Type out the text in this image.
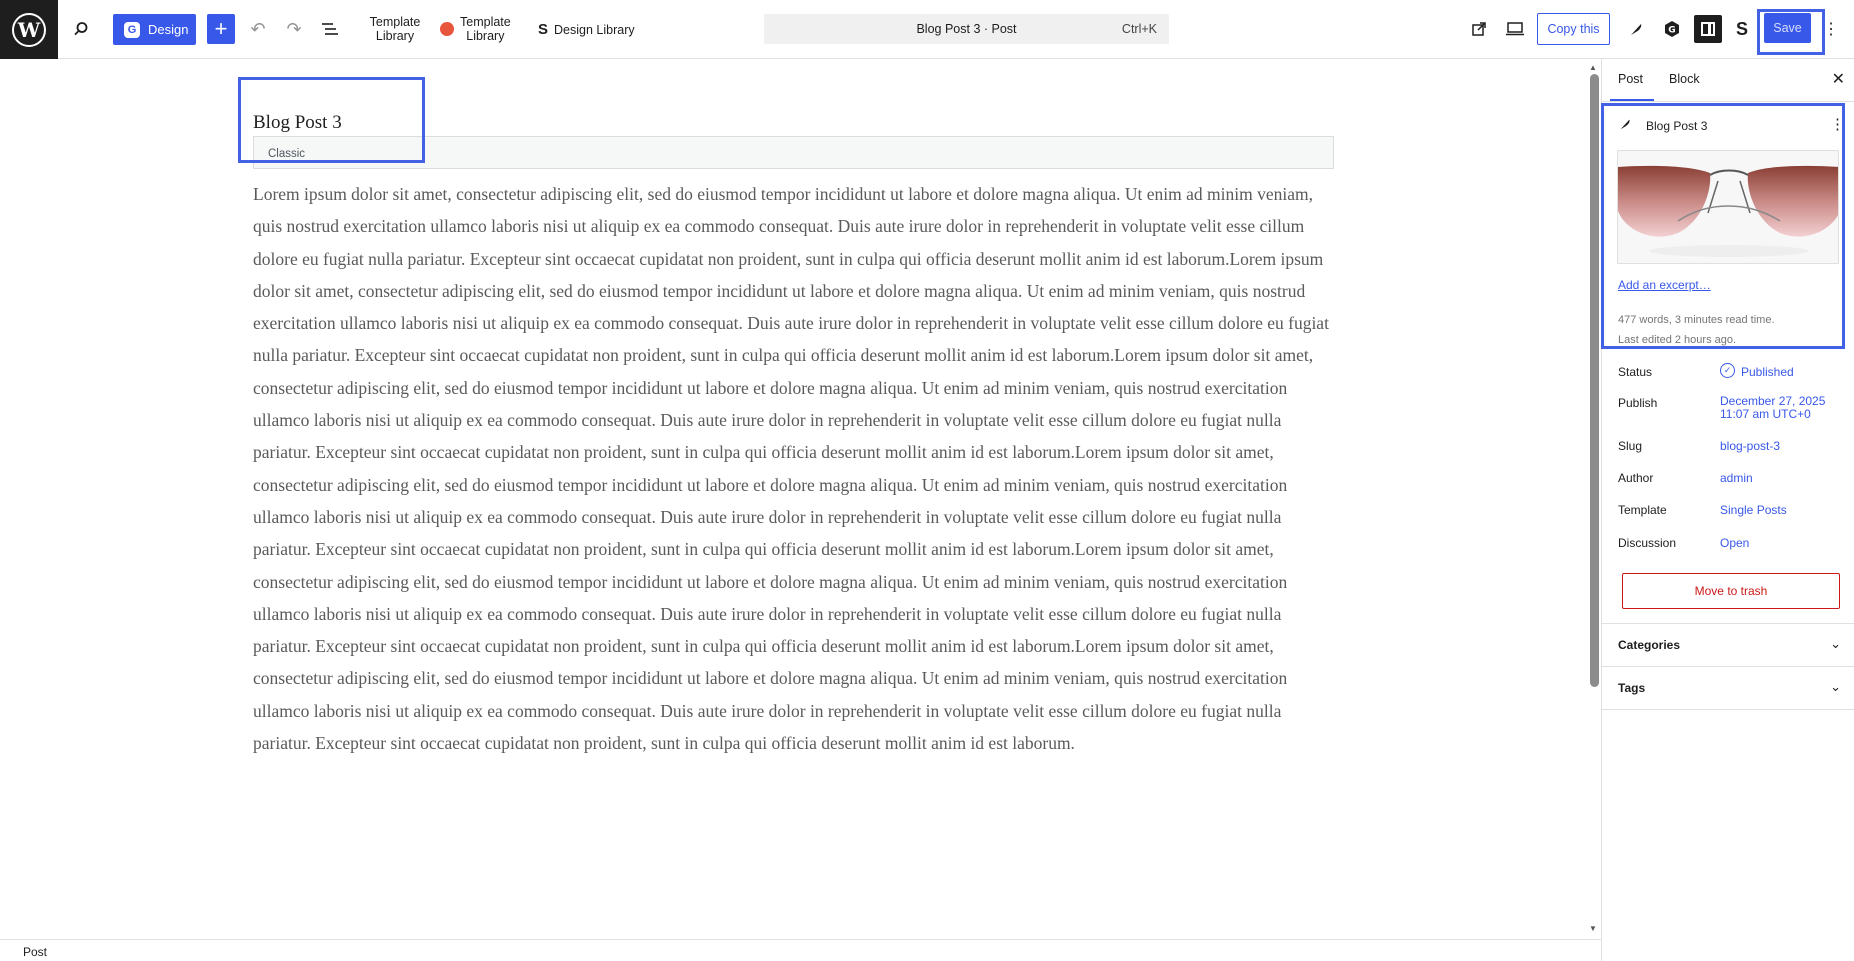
W	G Design +	↶	↷	Template
Library
Template
Library	S Design Library	Blog Post 3 · Post	Ctrl+K	Copy this	G	S	Save	⋮
Blog Post 3
Classic

Lorem ipsum dolor sit amet, consectetur adipiscing elit, sed do eiusmod tempor incididunt ut labore et dolore magna aliqua. Ut enim ad minim veniam, quis nostrud exercitation ullamco laboris nisi ut aliquip ex ea commodo consequat. Duis aute irure dolor in reprehenderit in voluptate velit esse cillum dolore eu fugiat nulla pariatur. Excepteur sint occaecat cupidatat non proident, sunt in culpa qui officia deserunt mollit anim id est laborum.Lorem ipsum dolor sit amet, consectetur adipiscing elit, sed do eiusmod tempor incididunt ut labore et dolore magna aliqua. Ut enim ad minim veniam, quis nostrud exercitation ullamco laboris nisi ut aliquip ex ea commodo consequat. Duis aute irure dolor in reprehenderit in voluptate velit esse cillum dolore eu fugiat nulla pariatur. Excepteur sint occaecat cupidatat non proident, sunt in culpa qui officia deserunt mollit anim id est laborum.Lorem ipsum dolor sit amet, consectetur adipiscing elit, sed do eiusmod tempor incididunt ut labore et dolore magna aliqua. Ut enim ad minim veniam, quis nostrud exercitation ullamco laboris nisi ut aliquip ex ea commodo consequat. Duis aute irure dolor in reprehenderit in voluptate velit esse cillum dolore eu fugiat nulla pariatur. Excepteur sint occaecat cupidatat non proident, sunt in culpa qui officia deserunt mollit anim id est laborum.Lorem ipsum dolor sit amet, consectetur adipiscing elit, sed do eiusmod tempor incididunt ut labore et dolore magna aliqua. Ut enim ad minim veniam, quis nostrud exercitation ullamco laboris nisi ut aliquip ex ea commodo consequat. Duis aute irure dolor in reprehenderit in voluptate velit esse cillum dolore eu fugiat nulla pariatur. Excepteur sint occaecat cupidatat non proident, sunt in culpa qui officia deserunt mollit anim id est laborum.Lorem ipsum dolor sit amet, consectetur adipiscing elit, sed do eiusmod tempor incididunt ut labore et dolore magna aliqua. Ut enim ad minim veniam, quis nostrud exercitation ullamco laboris nisi ut aliquip ex ea commodo consequat. Duis aute irure dolor in reprehenderit in voluptate velit esse cillum dolore eu fugiat nulla pariatur. Excepteur sint occaecat cupidatat non proident, sunt in culpa qui officia deserunt mollit anim id est laborum.Lorem ipsum dolor sit amet, consectetur adipiscing elit, sed do eiusmod tempor incididunt ut labore et dolore magna aliqua. Ut enim ad minim veniam, quis nostrud exercitation ullamco laboris nisi ut aliquip ex ea commodo consequat. Duis aute irure dolor in reprehenderit in voluptate velit esse cillum dolore eu fugiat nulla pariatur. Excepteur sint occaecat cupidatat non proident, sunt in culpa qui officia deserunt mollit anim id est laborum.

▲
▼
Post
Post Block	✕
Blog Post 3	⋮
Add an excerpt…
477 words, 3 minutes read time.
Last edited 2 hours ago.
Status	✓ Published
Publish	December 27, 2025
11:07 am UTC+0
Slug	blog-post-3
Author	admin
Template	Single Posts
Discussion	Open
Move to trash
Categories	⌄
Tags	⌄
